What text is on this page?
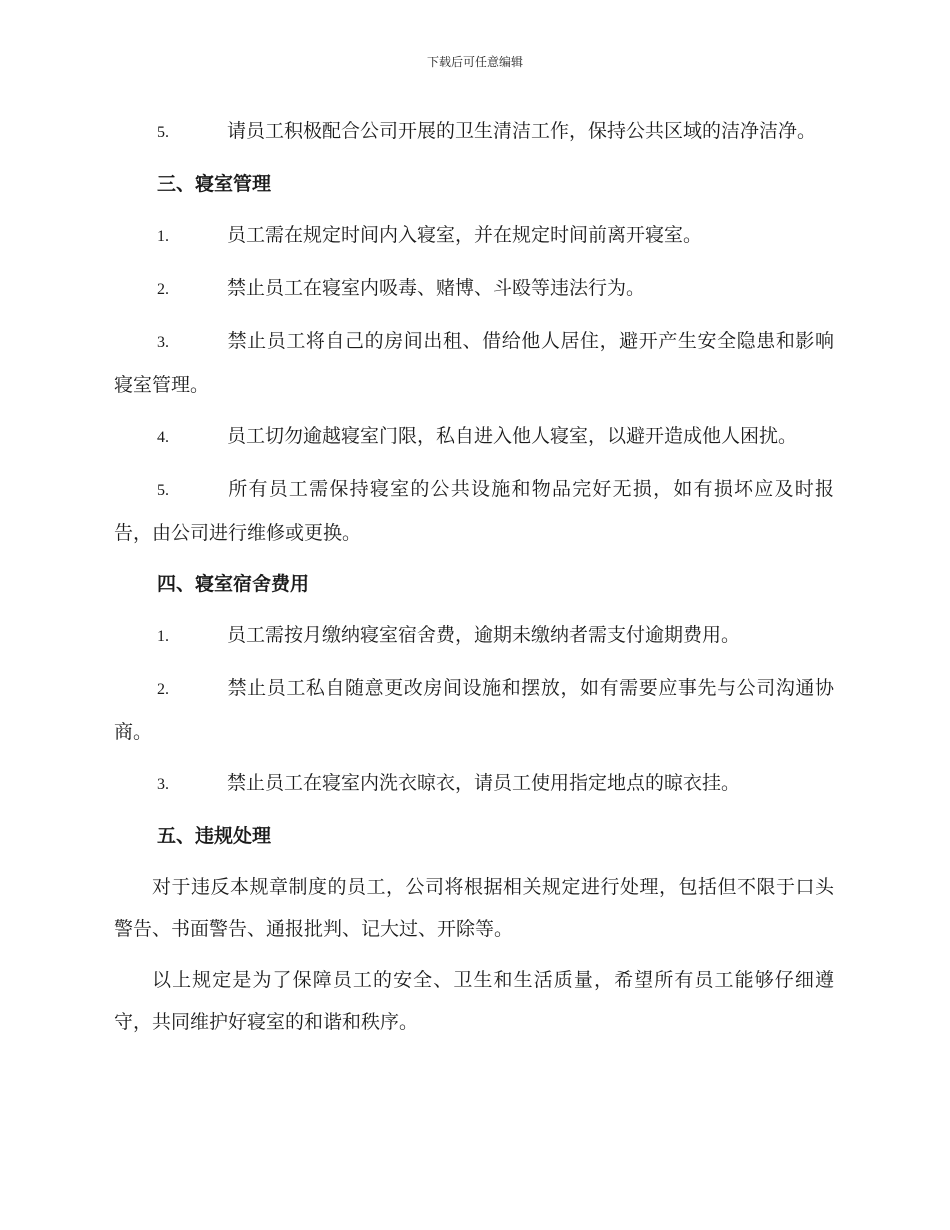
下载后可任意编辑
5.	请员工积极配合公司开展的卫生清洁工作，保持公共区域的洁净洁净。
三、寝室管理
1.	员工需在规定时间内入寝室，并在规定时间前离开寝室。
2.	禁止员工在寝室内吸毒、赌博、斗殴等违法行为。
3.	禁止员工将自己的房间出租、借给他人居住，避开产生安全隐患和影响寝室管理。
4.	员工切勿逾越寝室门限，私自进入他人寝室，以避开造成他人困扰。
5.	所有员工需保持寝室的公共设施和物品完好无损，如有损坏应及时报告，由公司进行维修或更换。
四、寝室宿舍费用
1.	员工需按月缴纳寝室宿舍费，逾期未缴纳者需支付逾期费用。
2.	禁止员工私自随意更改房间设施和摆放，如有需要应事先与公司沟通协商。
3.	禁止员工在寝室内洗衣晾衣，请员工使用指定地点的晾衣挂。
五、违规处理
对于违反本规章制度的员工，公司将根据相关规定进行处理，包括但不限于口头警告、书面警告、通报批判、记大过、开除等。
以上规定是为了保障员工的安全、卫生和生活质量，希望所有员工能够仔细遵守，共同维护好寝室的和谐和秩序。
